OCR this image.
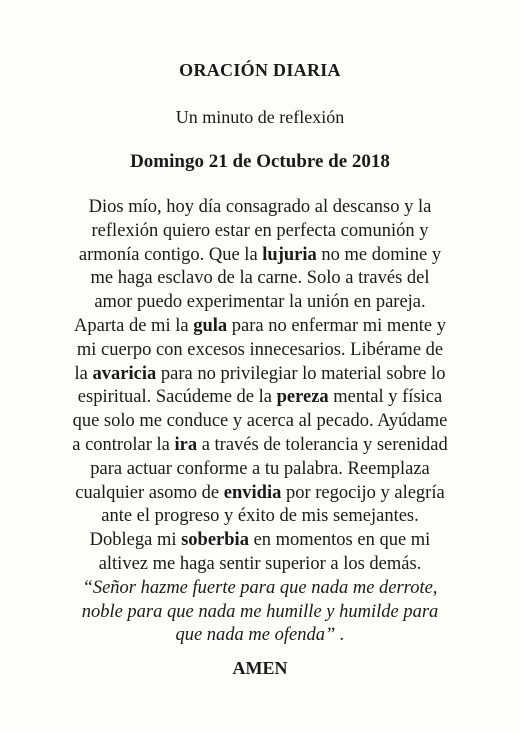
ORACIÓN DIARIA
Un minuto de reflexión
Domingo 21 de Octubre de 2018
Dios mío, hoy día consagrado al descanso y la
reflexión quiero estar en perfecta comunión y
armonía contigo. Que la lujuria no me domine y
me haga esclavo de la carne. Solo a través del
amor puedo experimentar la unión en pareja.
Aparta de mi la gula para no enfermar mi mente y
mi cuerpo con excesos innecesarios. Libérame de
la avaricia para no privilegiar lo material sobre lo
espiritual. Sacúdeme de la pereza mental y física
que solo me conduce y acerca al pecado. Ayúdame
a controlar la ira a través de tolerancia y serenidad
para actuar conforme a tu palabra. Reemplaza
cualquier asomo de envidia por regocijo y alegría
ante el progreso y éxito de mis semejantes.
Doblega mi soberbia en momentos en que mi
altivez me haga sentir superior a los demás.
“Señor hazme fuerte para que nada me derrote,
noble para que nada me humille y humilde para
que nada me ofenda” .
AMEN
